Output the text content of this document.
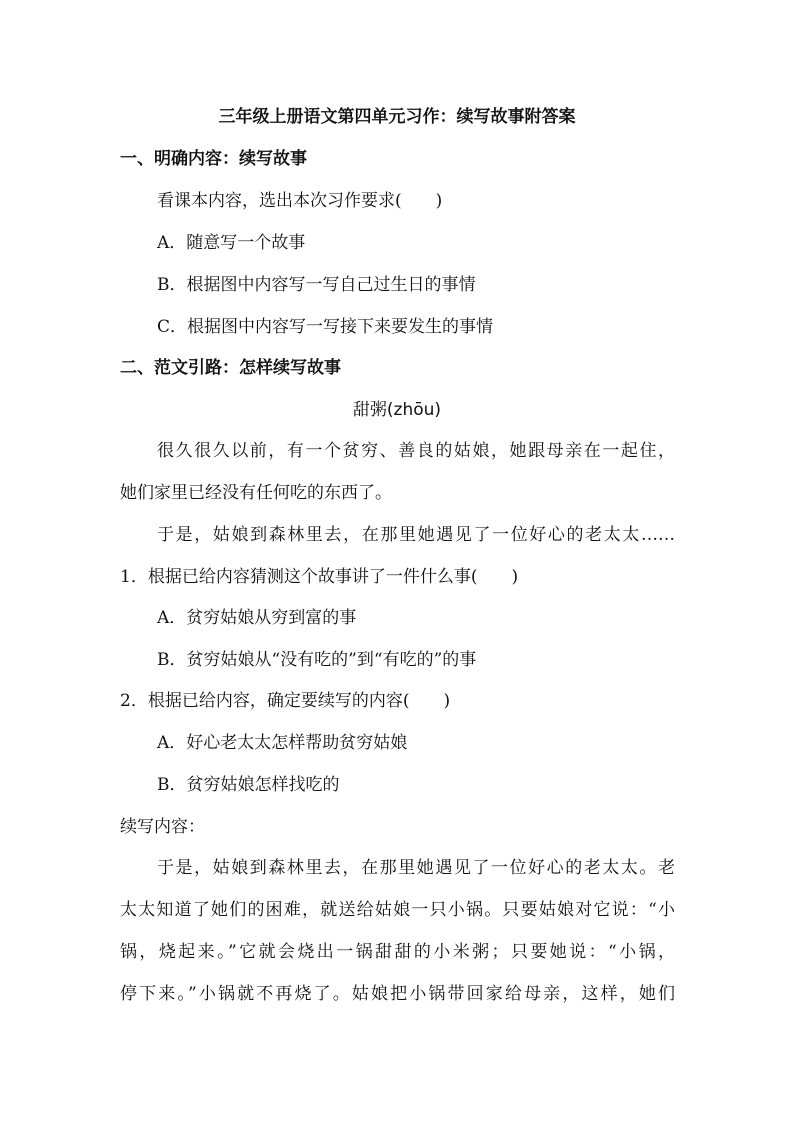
三年级上册语文第四单元习作：续写故事附答案
一、明确内容：续写故事
看课本内容，选出本次习作要求(　　)
A．随意写一个故事
B．根据图中内容写一写自己过生日的事情
C．根据图中内容写一写接下来要发生的事情
二、范文引路：怎样续写故事
甜粥(zhōu)
很久很久以前，有一个贫穷、善良的姑娘，她跟母亲在一起住，
她们家里已经没有任何吃的东西了。
于是，姑娘到森林里去，在那里她遇见了一位好心的老太太……
1．根据已给内容猜测这个故事讲了一件什么事(　　)
A．贫穷姑娘从穷到富的事
B．贫穷姑娘从“没有吃的”到“有吃的”的事
2．根据已给内容，确定要续写的内容(　　)
A．好心老太太怎样帮助贫穷姑娘
B．贫穷姑娘怎样找吃的
续写内容：
于是，姑娘到森林里去，在那里她遇见了一位好心的老太太。老
太太知道了她们的困难，就送给姑娘一只小锅。只要姑娘对它说：“小
锅，烧起来。”它就会烧出一锅甜甜的小米粥；只要她说：“小锅，
停下来。”小锅就不再烧了。姑娘把小锅带回家给母亲，这样，她们
